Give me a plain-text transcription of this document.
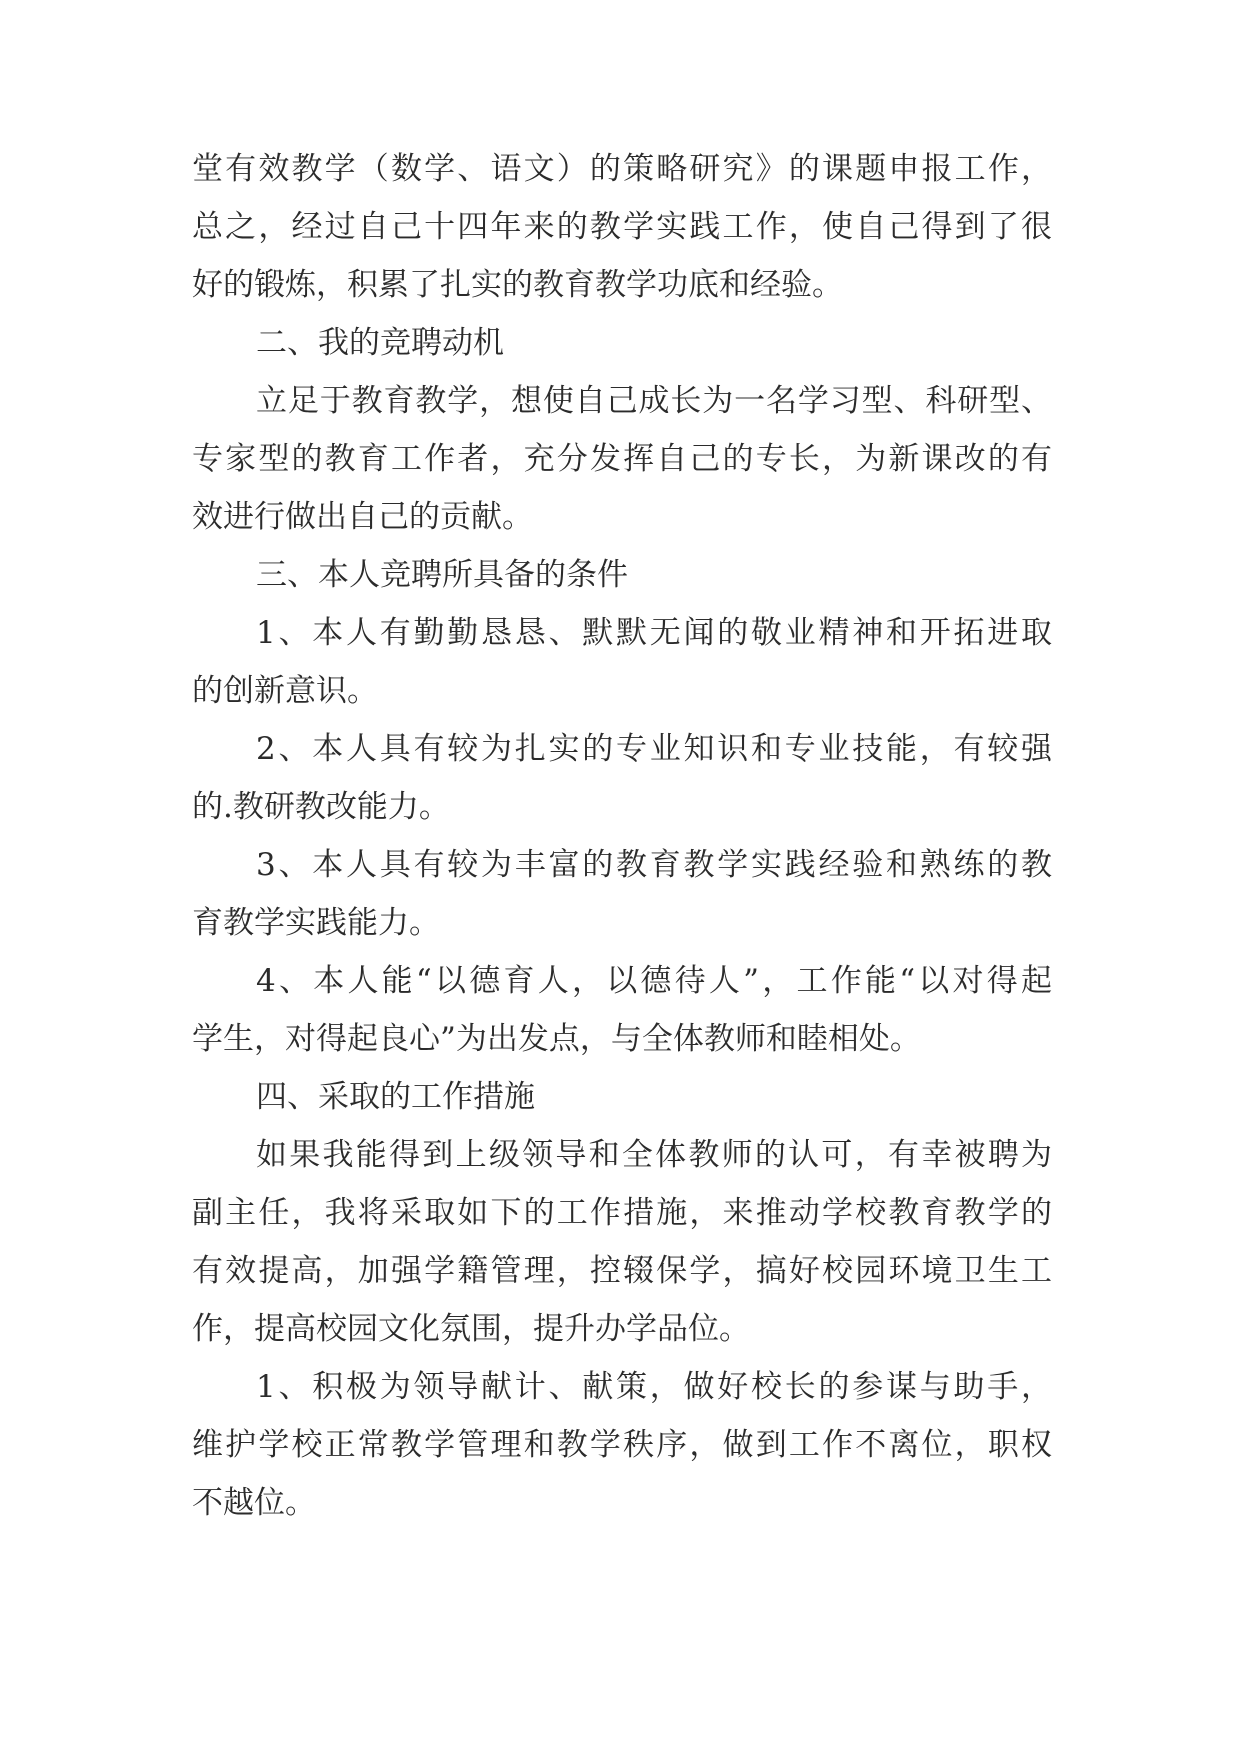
堂有效教学（数学、语文）的策略研究》的课题申报工作，
总之，经过自己十四年来的教学实践工作，使自己得到了很
好的锻炼，积累了扎实的教育教学功底和经验。
二、我的竞聘动机
立足于教育教学，想使自己成长为一名学习型、科研型、
专家型的教育工作者，充分发挥自己的专长，为新课改的有
效进行做出自己的贡献。
三、本人竞聘所具备的条件
1、本人有勤勤恳恳、默默无闻的敬业精神和开拓进取
的创新意识。
2、本人具有较为扎实的专业知识和专业技能，有较强
的.教研教改能力。
3、本人具有较为丰富的教育教学实践经验和熟练的教
育教学实践能力。
4、本人能“以德育人，以德待人”，工作能“以对得起
学生，对得起良心”为出发点，与全体教师和睦相处。
四、采取的工作措施
如果我能得到上级领导和全体教师的认可，有幸被聘为
副主任，我将采取如下的工作措施，来推动学校教育教学的
有效提高，加强学籍管理，控辍保学，搞好校园环境卫生工
作，提高校园文化氛围，提升办学品位。
1、积极为领导献计、献策，做好校长的参谋与助手，
维护学校正常教学管理和教学秩序，做到工作不离位，职权
不越位。
